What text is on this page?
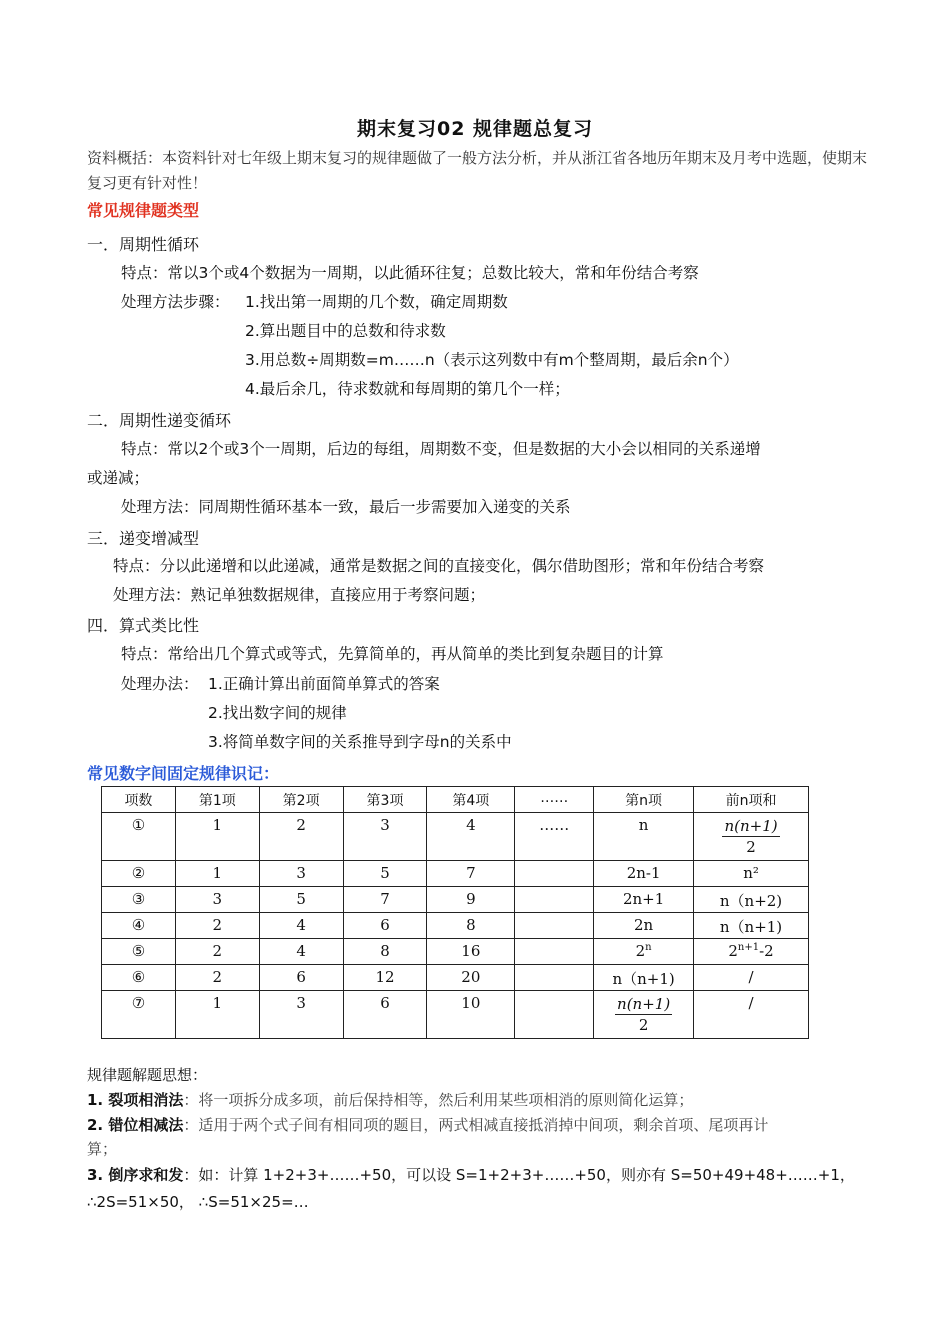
期末复习02 规律题总复习
资料概括：本资料针对七年级上期末复习的规律题做了一般方法分析，并从浙江省各地历年期末及月考中选题，使期末复习更有针对性！
常见规律题类型
一．周期性循环
特点：常以3个或4个数据为一周期，以此循环往复；总数比较大，常和年份结合考察
处理方法步骤： 1.找出第一周期的几个数，确定周期数
2.算出题目中的总数和待求数
3.用总数÷周期数=m……n（表示这列数中有m个整周期，最后余n个）
4.最后余几，待求数就和每周期的第几个一样；
二．周期性递变循环
特点：常以2个或3个一周期，后边的每组，周期数不变，但是数据的大小会以相同的关系递增
或递减；
处理方法：同周期性循环基本一致，最后一步需要加入递变的关系
三．递变增减型
特点：分以此递增和以此递减，通常是数据之间的直接变化，偶尔借助图形；常和年份结合考察
处理方法：熟记单独数据规律，直接应用于考察问题；
四．算式类比性
特点：常给出几个算式或等式，先算简单的，再从简单的类比到复杂题目的计算
处理办法： 1.正确计算出前面简单算式的答案
2.找出数字间的规律
3.将简单数字间的关系推导到字母n的关系中
常见数字间固定规律识记：
项数	第1项	第2项	第3项	第4项	……	第n项	前n项和
①	1	2	3	4	……	n	$\frac{n(n+1)}{2}$

②	1	3	5	7		2n-1	n²
③	3	5	7	9		2n+1	n（n+2)
④	2	4	6	8		2n	n（n+1)
⑤	2	4	8	16		2$^n$	$2^{n+1}-2$
⑥	2	6	12	20		n（n+1)	/
⑦	1	3	6	10		$\frac{n(n+1)}{2}$	/
规律题解题思想：
1. 裂项相消法：将一项拆分成多项，前后保持相等，然后利用某些项相消的原则简化运算；
2. 错位相减法：适用于两个式子间有相同项的题目，两式相减直接抵消掉中间项，剩余首项、尾项再计
算；
3. 倒序求和发：如：计算 1+2+3+……+50，可以设 S=1+2+3+……+50，则亦有 S=50+49+48+……+1，
∴2S=51×50， ∴S=51×25=…
